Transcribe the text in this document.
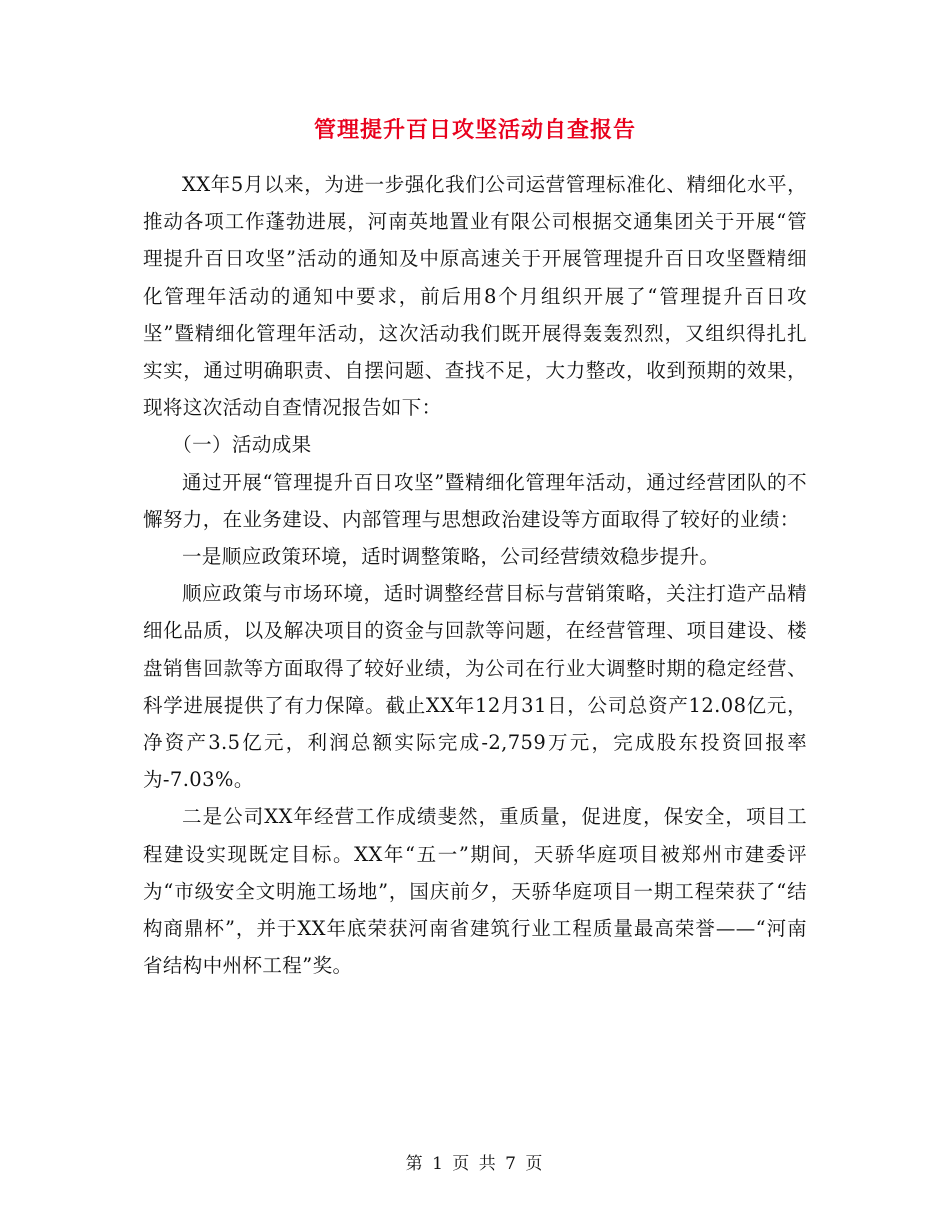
管理提升百日攻坚活动自查报告

XX年5月以来，为进一步强化我们公司运营管理标准化、精细化水平，推动各项工作蓬勃进展，河南英地置业有限公司根据交通集团关于开展“管理提升百日攻坚”活动的通知及中原高速关于开展管理提升百日攻坚暨精细化管理年活动的通知中要求，前后用8个月组织开展了“管理提升百日攻坚”暨精细化管理年活动，这次活动我们既开展得轰轰烈烈，又组织得扎扎实实，通过明确职责、自摆问题、查找不足，大力整改，收到预期的效果，现将这次活动自查情况报告如下：

（一）活动成果

通过开展“管理提升百日攻坚”暨精细化管理年活动，通过经营团队的不懈努力，在业务建设、内部管理与思想政治建设等方面取得了较好的业绩：

一是顺应政策环境，适时调整策略，公司经营绩效稳步提升。

顺应政策与市场环境，适时调整经营目标与营销策略，关注打造产品精细化品质，以及解决项目的资金与回款等问题，在经营管理、项目建设、楼盘销售回款等方面取得了较好业绩，为公司在行业大调整时期的稳定经营、科学进展提供了有力保障。截止XX年12月31日，公司总资产12.08亿元，净资产3.5亿元，利润总额实际完成-2,759万元，完成股东投资回报率为-7.03%。

二是公司XX年经营工作成绩斐然，重质量，促进度，保安全，项目工程建设实现既定目标。XX年“五一”期间，天骄华庭项目被郑州市建委评为“市级安全文明施工场地”，国庆前夕，天骄华庭项目一期工程荣获了“结构商鼎杯”，并于XX年底荣获河南省建筑行业工程质量最高荣誉——“河南省结构中州杯工程”奖。

第 1 页 共 7 页
